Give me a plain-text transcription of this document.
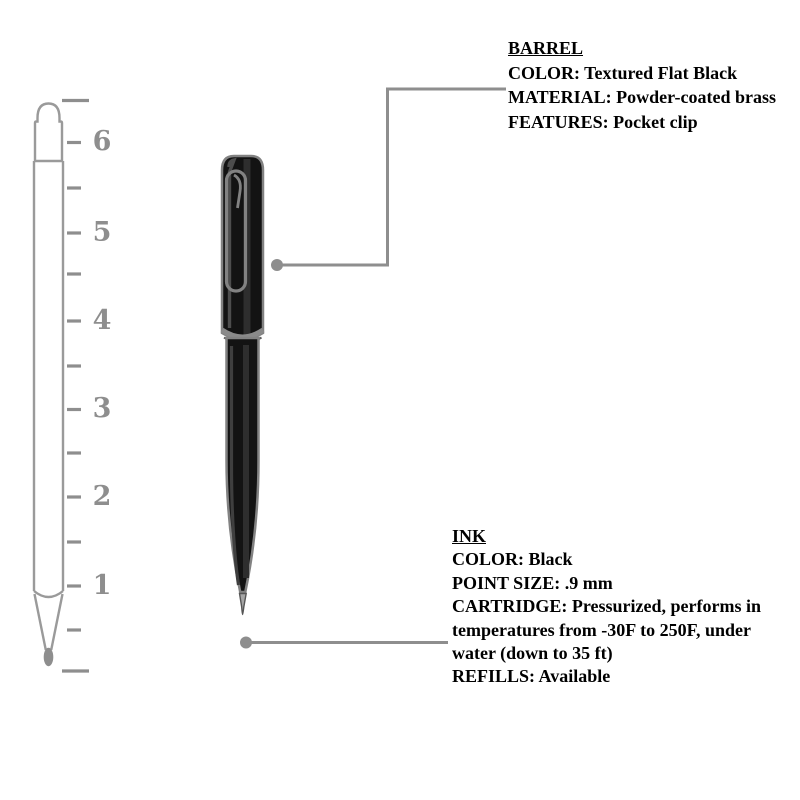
6
5
4
3
2
1
BARREL
COLOR: Textured Flat Black
MATERIAL: Powder-coated brass
FEATURES: Pocket clip
INK
COLOR: Black
POINT SIZE: .9 mm
CARTRIDGE: Pressurized, performs in
temperatures from -30F to 250F, under
water (down to 35 ft)
REFILLS: Available
